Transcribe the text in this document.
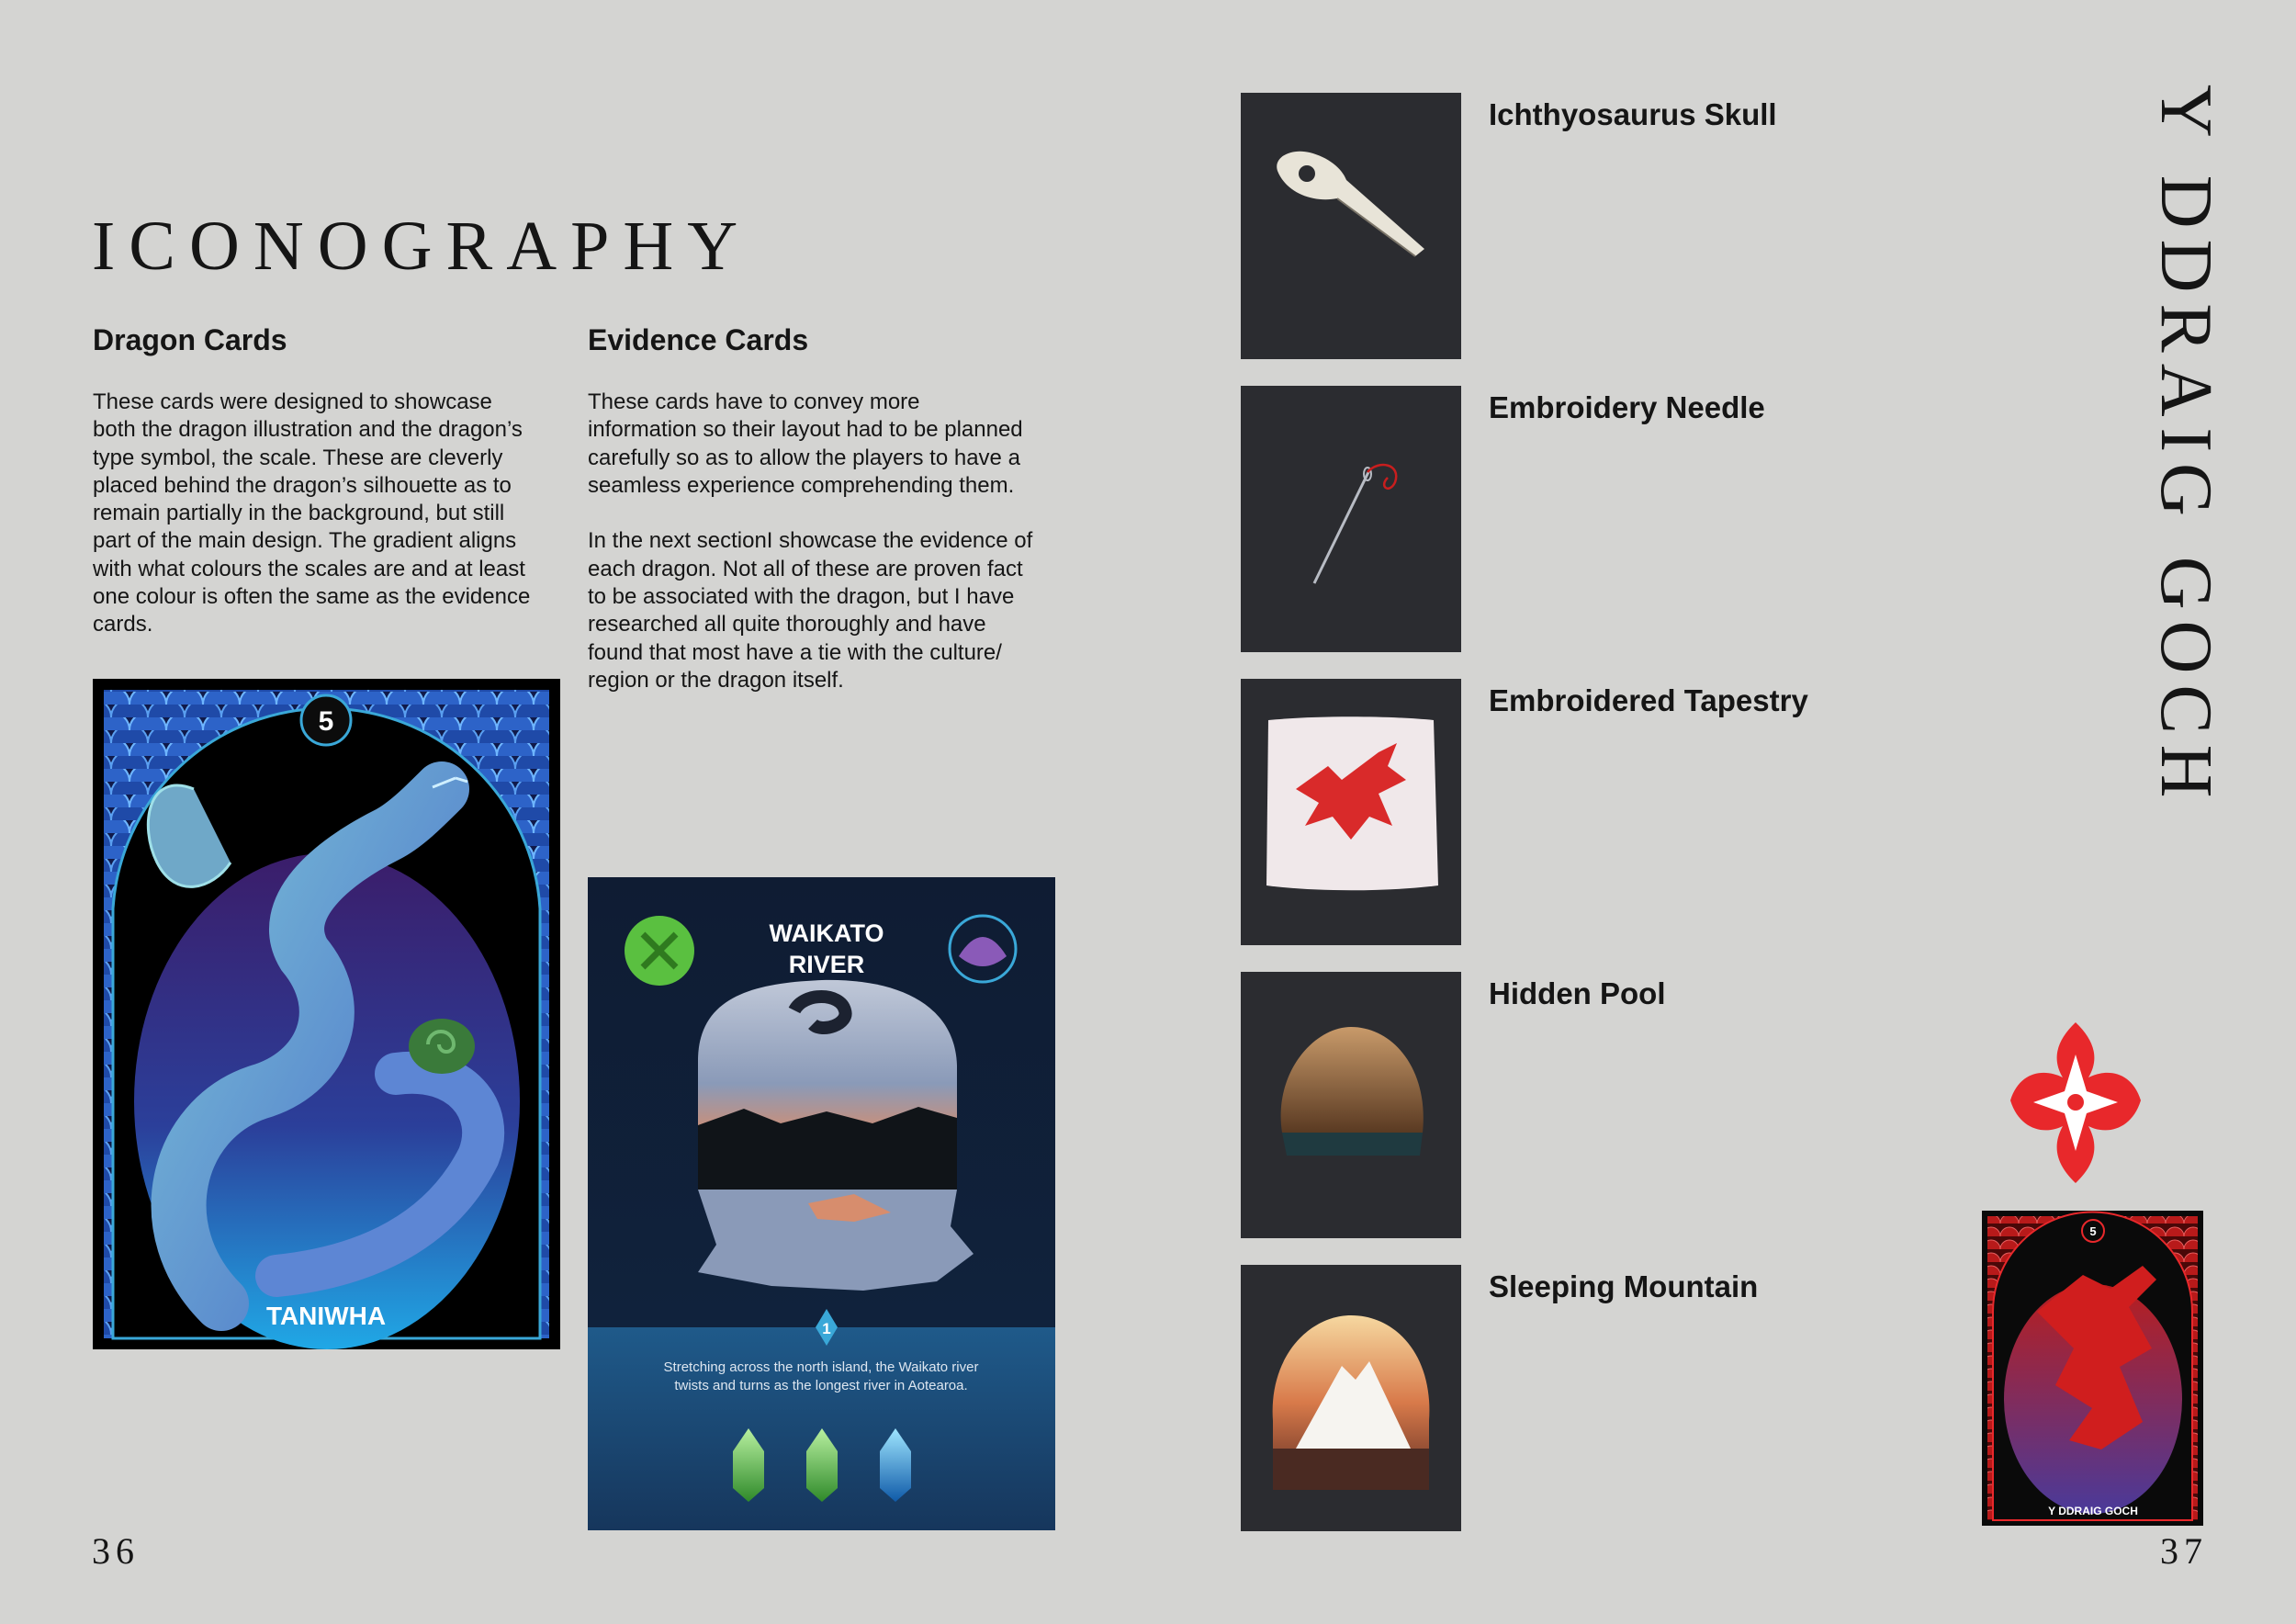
ICONOGRAPHY
Dragon Cards
These cards were designed to showcase
both the dragon illustration and the dragon’s
type symbol, the scale. These are cleverly
placed behind the dragon’s silhouette as to
remain partially in the background, but still
part of the main design. The gradient aligns
with what colours the scales are and at least
one colour is often the same as the evidence
cards.
Evidence Cards
These cards have to convey more
information so their layout had to be planned
carefully so as to allow the players to have a
seamless experience comprehending them.

In the next sectionI showcase the evidence of
each dragon. Not all of these are proven fact
to be associated with the dragon, but I have
researched all quite thoroughly and have
found that most have a tie with the culture/
region or the dragon itself.
5
TANIWHA
WAIKATO
RIVER
1
Stretching across the north island, the Waikato river
twists and turns as the longest river in Aotearoa.
36
Ichthyosaurus Skull
Embroidery Needle
Embroidered Tapestry
Hidden Pool
Sleeping Mountain
Y DDRAIG GOCH
5
Y DDRAIG GOCH
37
